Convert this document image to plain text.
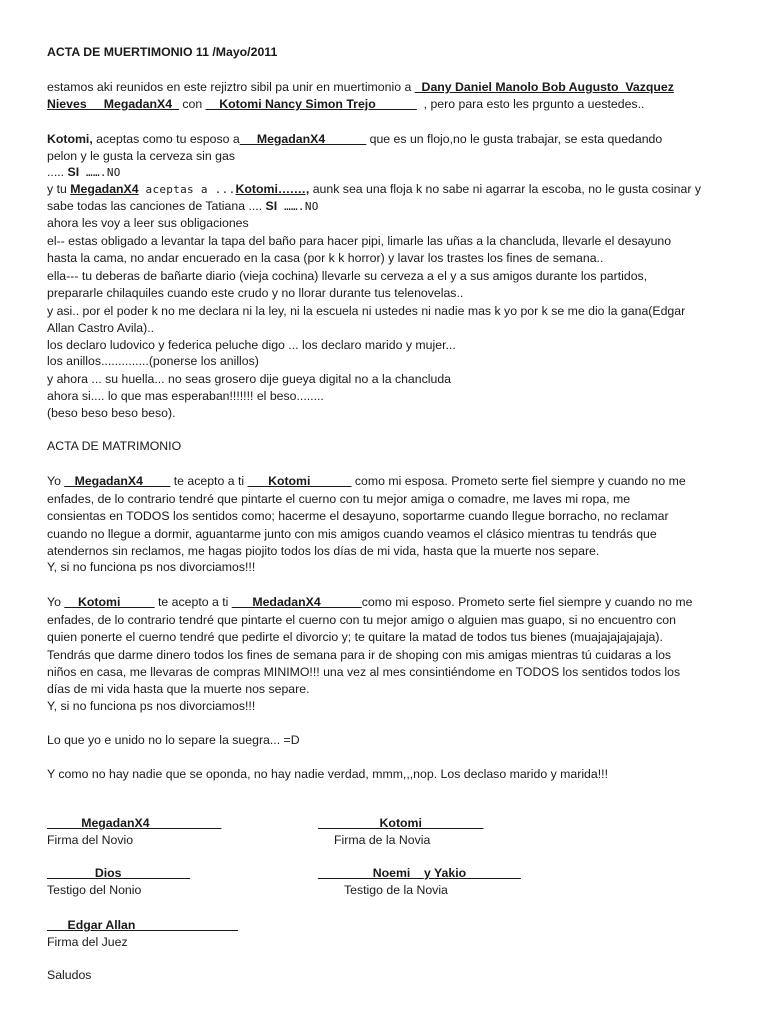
ACTA DE MUERTIMONIO 11 /Mayo/2011
estamos aki reunidos en este rejiztro sibil pa unir en muertimonio a _Dany Daniel Manolo Bob Augusto  Vazquez
Nieves     MegadanX4_ con __Kotomi Nancy Simon Trejo______  , pero para esto les prgunto a uestedes..
Kotomi, aceptas como tu esposo a__ MegadanX4______ que es un flojo,no le gusta trabajar, se esta quedando
pelon y le gusta la cerveza sin gas
..... SI …….NO
y tu MegadanX4 aceptas a ...Kotomi….…, aunk sea una floja k no sabe ni agarrar la escoba, no le gusta cosinar y
sabe todas las canciones de Tatiana .... SI …….NO
ahora les voy a leer sus obligaciones
el-- estas obligado a levantar la tapa del baño para hacer pipi, limarle las uñas a la chancluda, llevarle el desayuno
hasta la cama, no andar encuerado en la casa (por k k horror) y lavar los trastes los fines de semana..
ella--- tu deberas de bañarte diario (vieja cochina) llevarle su cerveza a el y a sus amigos durante los partidos,
prepararle chilaquiles cuando este crudo y no llorar durante tus telenovelas..
y asi.. por el poder k no me declara ni la ley, ni la escuela ni ustedes ni nadie mas k yo por k se me dio la gana(Edgar
Allan Castro Avila)..
los declaro ludovico y federica peluche digo ... los declaro marido y mujer...
los anillos..............(ponerse los anillos)
y ahora ... su huella... no seas grosero dije gueya digital no a la chancluda
ahora si.... lo que mas esperaban!!!!!!! el beso........
(beso beso beso beso).
ACTA DE MATRIMONIO
Yo _ MegadanX4____ te acepto a ti ___Kotomi______ como mi esposa. Prometo serte fiel siempre y cuando no me
enfades, de lo contrario tendré que pintarte el cuerno con tu mejor amiga o comadre, me laves mi ropa, me
consientas en TODOS los sentidos como; hacerme el desayuno, soportarme cuando llegue borracho, no reclamar
cuando no llegue a dormir, aguantarme junto con mis amigos cuando veamos el clásico mientras tu tendrás que
atendernos sin reclamos, me hagas piojito todos los días de mi vida, hasta que la muerte nos separe.
Y, si no funciona ps nos divorciamos!!!
Yo __Kotomi_____ te acepto a ti ___MedadanX4______como mi esposo. Prometo serte fiel siempre y cuando no me
enfades, de lo contrario tendré que pintarte el cuerno con tu mejor amigo o alguien mas guapo, si no encuentro con
quien ponerte el cuerno tendré que pedirte el divorcio y; te quitare la matad de todos tus bienes (muajajajajajaja).
Tendrás que darme dinero todos los fines de semana para ir de shoping con mis amigas mientras tú cuidaras a los
niños en casa, me llevaras de compras MINIMO!!! una vez al mes consintiéndome en TODOS los sentidos todos los
días de mi vida hasta que la muerte nos separe.
Y, si no funciona ps nos divorciamos!!!
Lo que yo e unido no lo separe la suegra... =D
Y como no hay nadie que se oponda, no hay nadie verdad, mmm,,,nop. Los declaso marido y marida!!!
_____MegadanX4________ __
Firma del Novio
_________Kotomi_________
Firma de la Novia
_______Dios__________
Testigo del Nonio
________Noemi__y Yakio________
Testigo de la Novia
___Edgar Allan_______________
Firma del Juez
Saludos
